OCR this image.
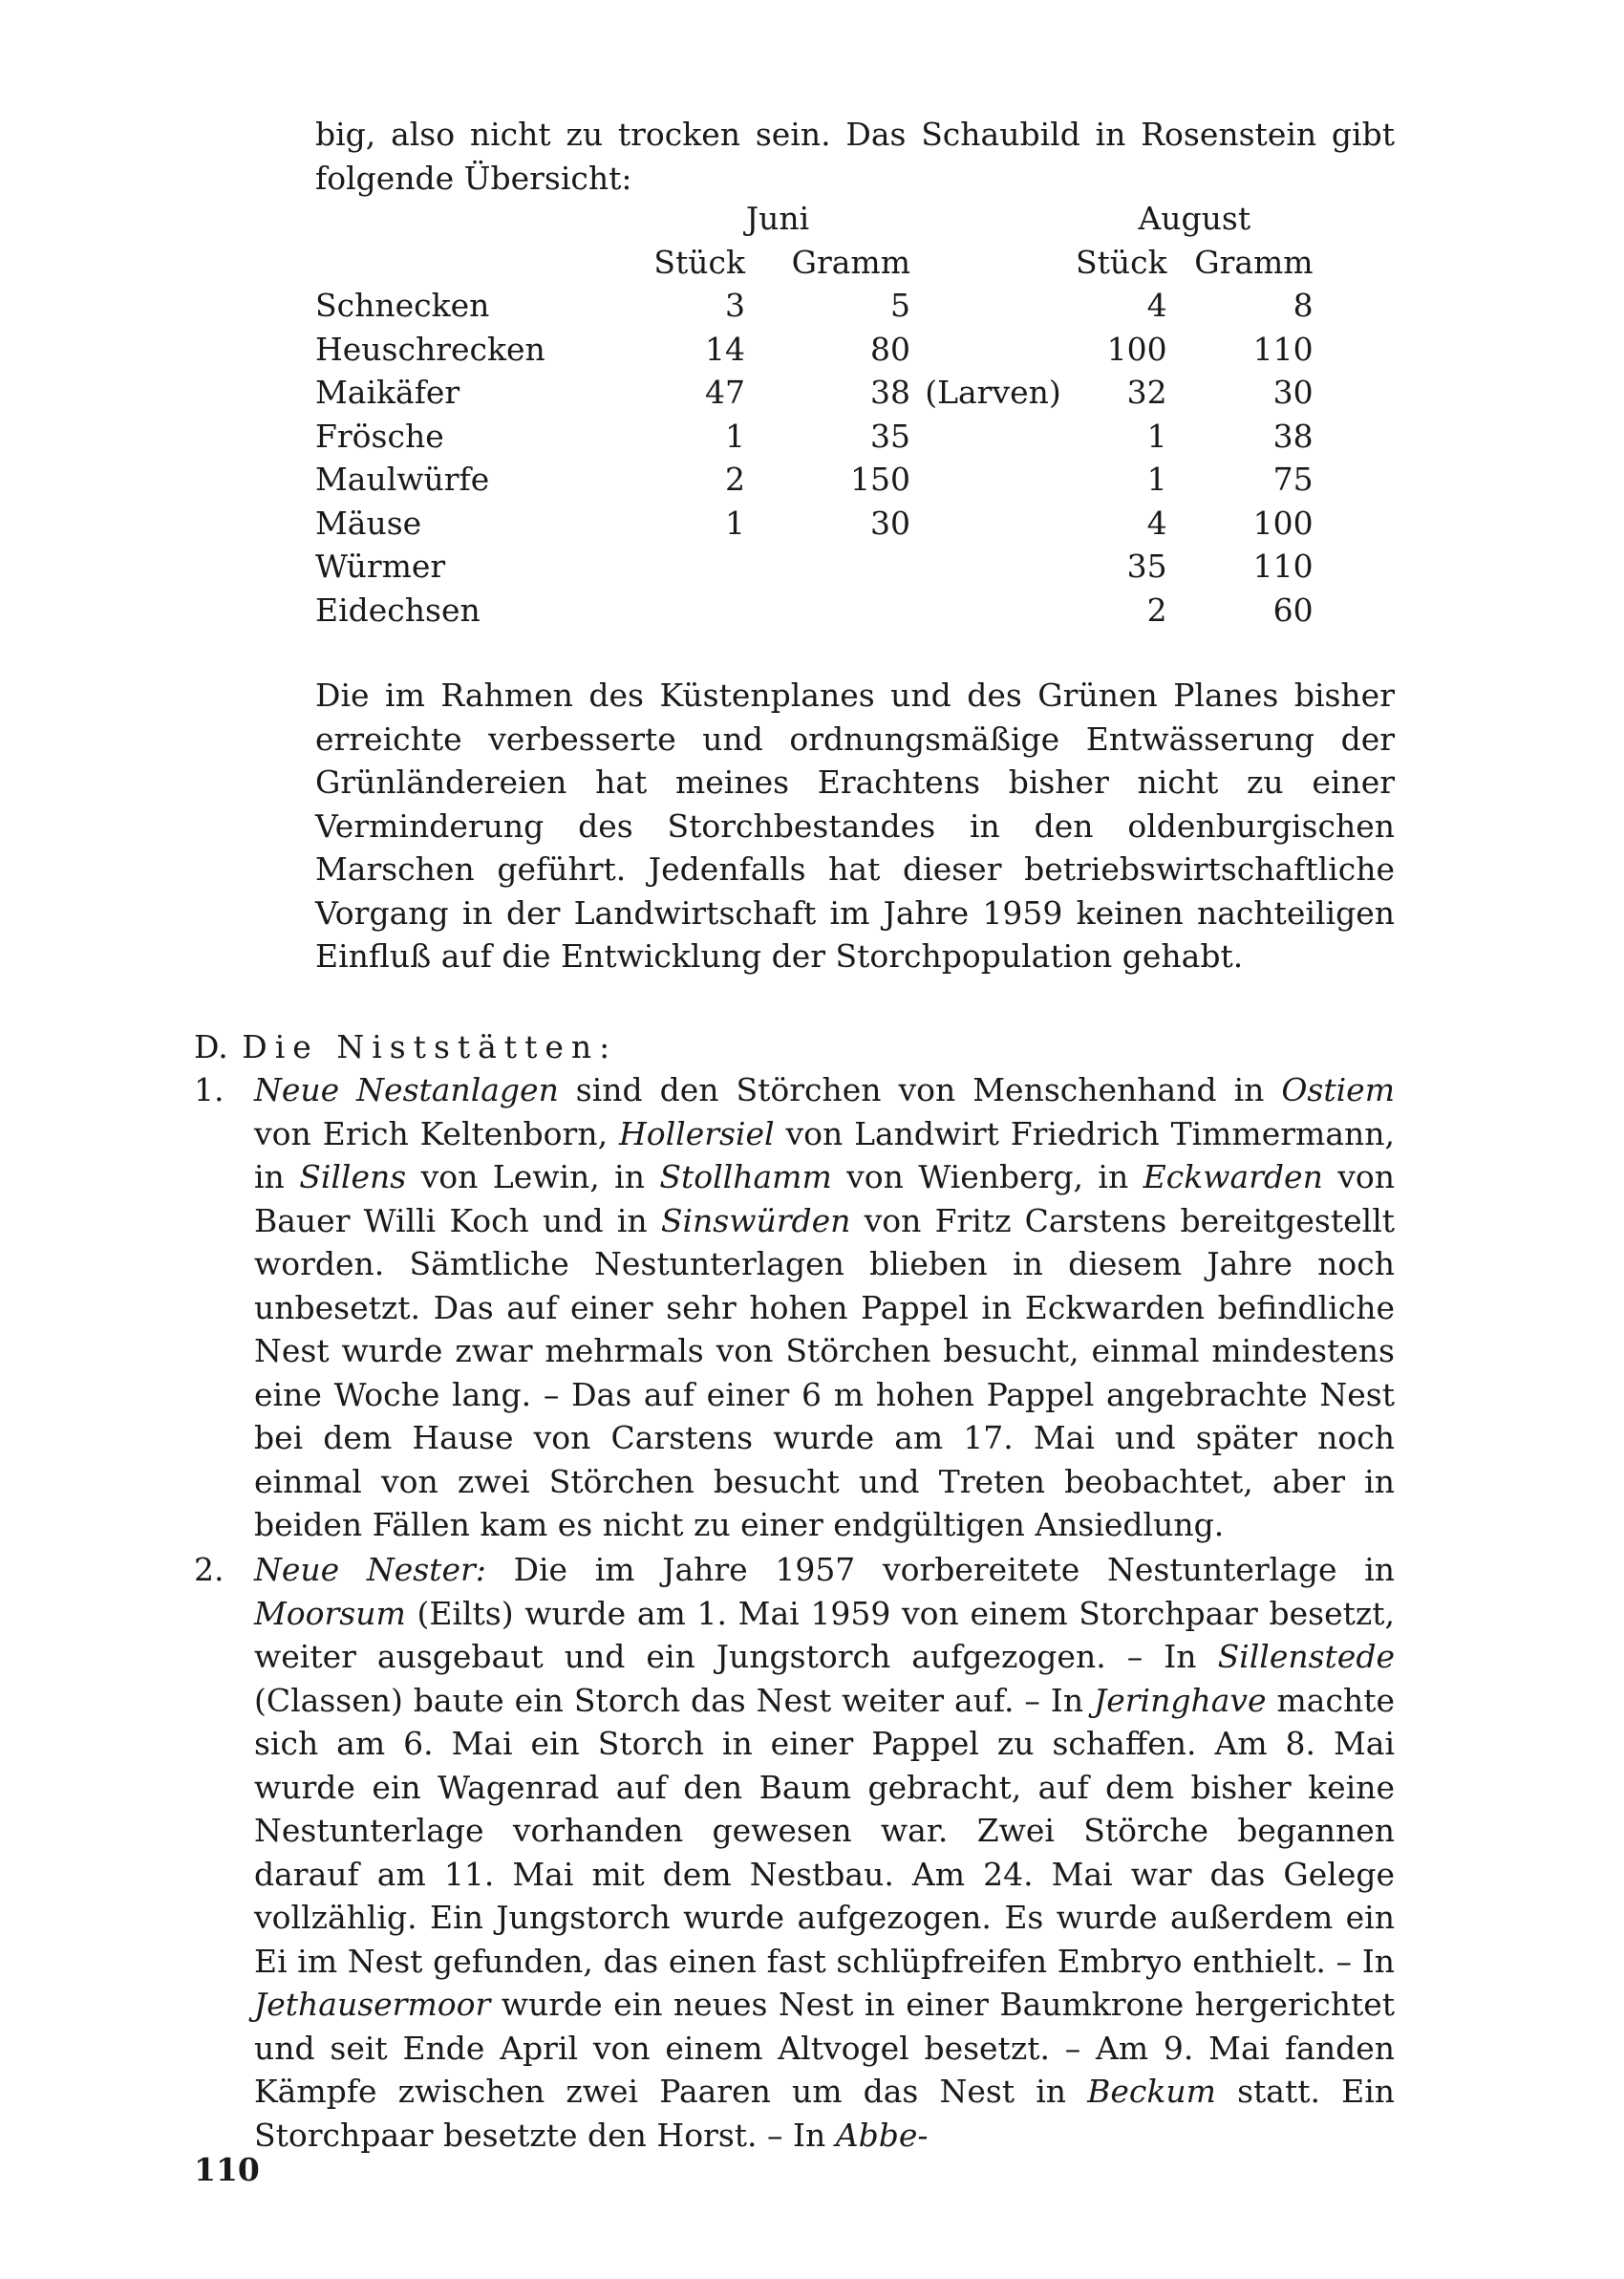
big, also nicht zu trocken sein. Das Schaubild in Rosenstein gibt

folgende Übersicht:

	Juni			August	
	Stück	Gramm		Stück	Gramm
Schnecken	3	5		4	8
Heuschrecken	14	80		100	110
Maikäfer	47	38	(Larven)	32	30
Frösche	1	35		1	38
Maulwürfe	2	150		1	75
Mäuse	1	30		4	100
Würmer				35	110
Eidechsen				2	60

Die im Rahmen des Küstenplanes und des Grünen Planes bisher erreichte verbesserte und ordnungsmäßige Entwässerung der Grünländereien hat meines Erachtens bisher nicht zu einer Verminderung des Storchbestandes in den oldenburgischen Marschen geführt. Jedenfalls hat dieser betriebswirtschaftliche Vorgang in der Landwirtschaft im Jahre 1959 keinen nachteiligen Einfluß auf die Entwicklung der Storchpopulation gehabt.

D. Die Niststätten:
1. Neue Nestanlagen sind den Störchen von Menschenhand in Ostiem von Erich Keltenborn, Hollersiel von Landwirt Friedrich Timmermann, in Sillens von Lewin, in Stollhamm von Wienberg, in Eckwarden von Bauer Willi Koch und in Sinswürden von Fritz Carstens bereitgestellt worden. Sämtliche Nestunterlagen blieben in diesem Jahre noch unbesetzt. Das auf einer sehr hohen Pappel in Eckwarden befindliche Nest wurde zwar mehrmals von Störchen besucht, einmal mindestens eine Woche lang. – Das auf einer 6 m hohen Pappel angebrachte Nest bei dem Hause von Carstens wurde am 17. Mai und später noch einmal von zwei Störchen besucht und Treten beobachtet, aber in beiden Fällen kam es nicht zu einer endgültigen Ansiedlung.

2. Neue Nester: Die im Jahre 1957 vorbereitete Nestunterlage in Moorsum (Eilts) wurde am 1. Mai 1959 von einem Storchpaar besetzt, weiter ausgebaut und ein Jungstorch aufgezogen. – In Sillenstede (Classen) baute ein Storch das Nest weiter auf. – In Jeringhave machte sich am 6. Mai ein Storch in einer Pappel zu schaffen. Am 8. Mai wurde ein Wagenrad auf den Baum gebracht, auf dem bisher keine Nestunterlage vorhanden gewesen war. Zwei Störche begannen darauf am 11. Mai mit dem Nestbau. Am 24. Mai war das Gelege vollzählig. Ein Jungstorch wurde aufgezogen. Es wurde außerdem ein Ei im Nest gefunden, das einen fast schlüpfreifen Embryo enthielt. – In Jethausermoor wurde ein neues Nest in einer Baumkrone hergerichtet und seit Ende April von einem Altvogel besetzt. – Am 9. Mai fanden Kämpfe zwischen zwei Paaren um das Nest in Beckum statt. Ein Storchpaar besetzte den Horst. – In Abbe-

110
